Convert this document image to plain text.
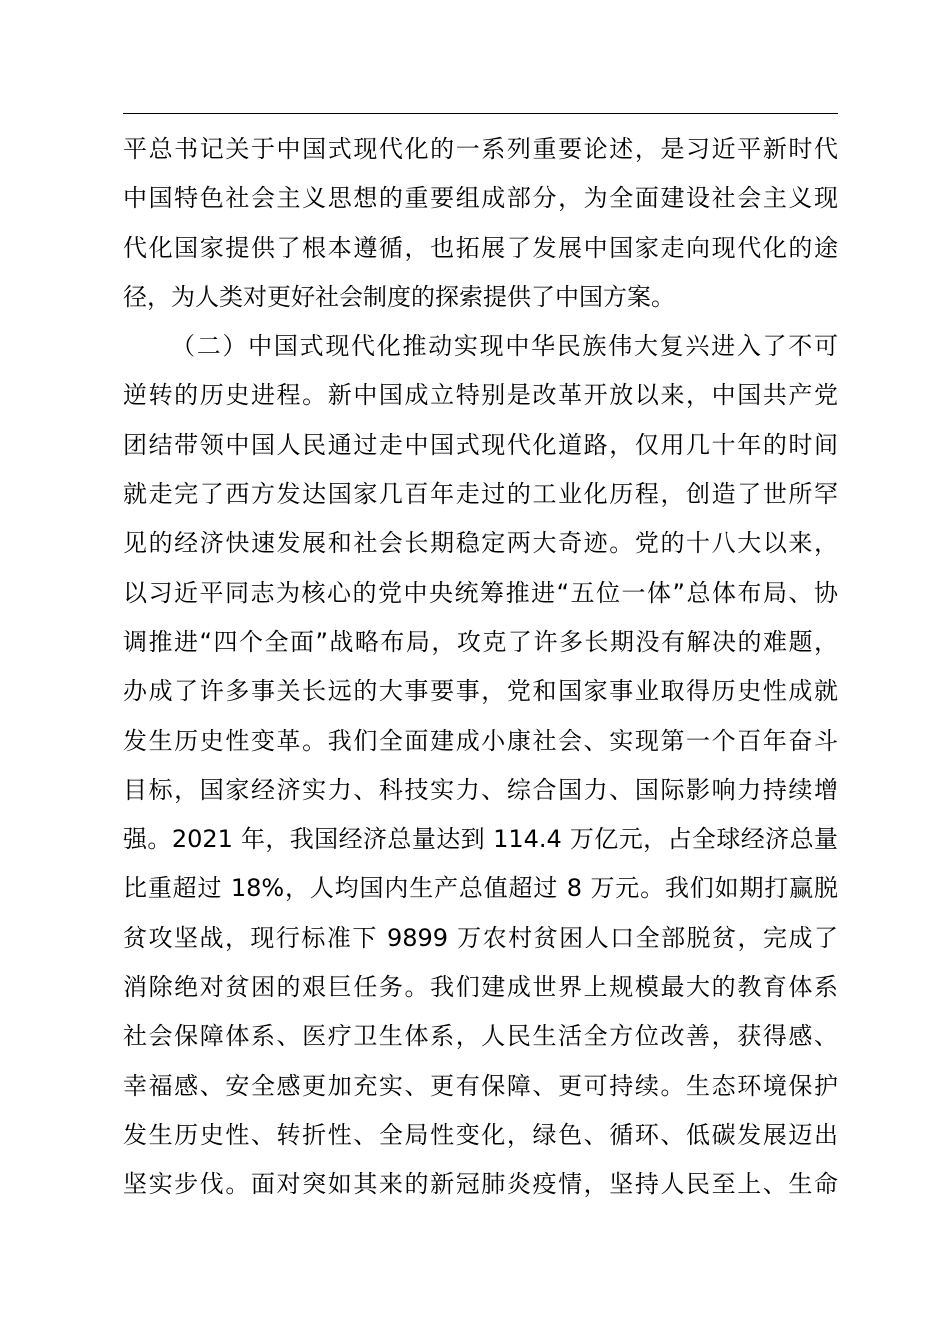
平总书记关于中国式现代化的一系列重要论述，是习近平新时代
中国特色社会主义思想的重要组成部分，为全面建设社会主义现
代化国家提供了根本遵循，也拓展了发展中国家走向现代化的途
径，为人类对更好社会制度的探索提供了中国方案。
（二）中国式现代化推动实现中华民族伟大复兴进入了不可
逆转的历史进程。新中国成立特别是改革开放以来，中国共产党
团结带领中国人民通过走中国式现代化道路，仅用几十年的时间
就走完了西方发达国家几百年走过的工业化历程，创造了世所罕
见的经济快速发展和社会长期稳定两大奇迹。党的十八大以来，
以习近平同志为核心的党中央统筹推进“五位一体”总体布局、协
调推进“四个全面”战略布局，攻克了许多长期没有解决的难题，
办成了许多事关长远的大事要事，党和国家事业取得历史性成就
发生历史性变革。我们全面建成小康社会、实现第一个百年奋斗
目标，国家经济实力、科技实力、综合国力、国际影响力持续增
强。2021 年，我国经济总量达到 114.4 万亿元，占全球经济总量
比重超过 18%，人均国内生产总值超过 8 万元。我们如期打赢脱
贫攻坚战，现行标准下 9899 万农村贫困人口全部脱贫，完成了
消除绝对贫困的艰巨任务。我们建成世界上规模最大的教育体系
社会保障体系、医疗卫生体系，人民生活全方位改善，获得感、
幸福感、安全感更加充实、更有保障、更可持续。生态环境保护
发生历史性、转折性、全局性变化，绿色、循环、低碳发展迈出
坚实步伐。面对突如其来的新冠肺炎疫情，坚持人民至上、生命
